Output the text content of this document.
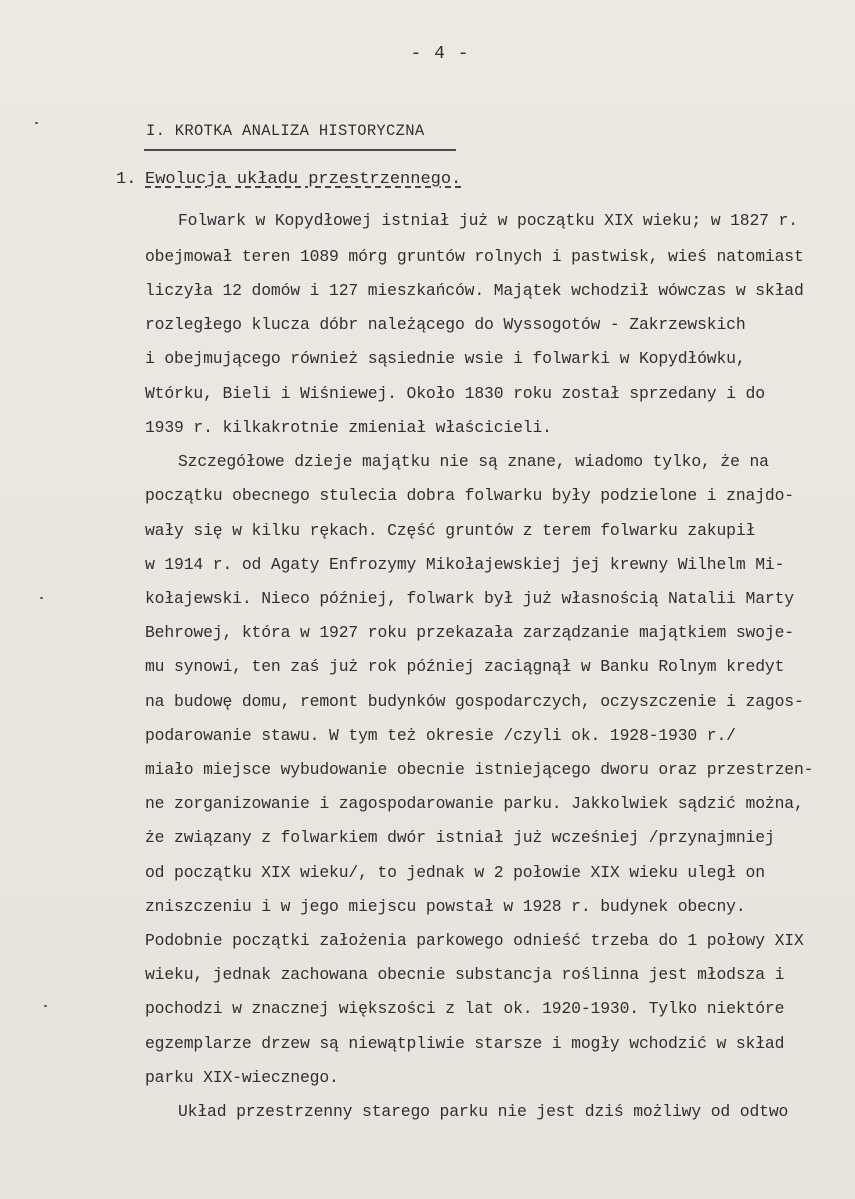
- 4 -
I. KROTKA ANALIZA HISTORYCZNA
1. Ewolucja układu przestrzennego.
Folwark w Kopydłowej istniał już w początku XIX wieku; w 1827 r.
obejmował teren 1089 mórg gruntów rolnych i pastwisk, wieś natomiast
liczyła 12 domów i 127 mieszkańców. Majątek wchodził wówczas w skład
rozległego klucza dóbr należącego do Wyssogotów - Zakrzewskich
i obejmującego również sąsiednie wsie i folwarki w Kopydłówku,
Wtórku, Bieli i Wiśniewej. Około 1830 roku został sprzedany i do
1939 r. kilkakrotnie zmieniał właścicieli.
Szczegółowe dzieje majątku nie są znane, wiadomo tylko, że na
początku obecnego stulecia dobra folwarku były podzielone i znajdo-
wały się w kilku rękach. Część gruntów z terem folwarku zakupił
w 1914 r. od Agaty Enfrozymy Mikołajewskiej jej krewny Wilhelm Mi-
kołajewski. Nieco później, folwark był już własnością Natalii Marty
Behrowej, która w 1927 roku przekazała zarządzanie majątkiem swoje-
mu synowi, ten zaś już rok później zaciągnął w Banku Rolnym kredyt
na budowę domu, remont budynków gospodarczych, oczyszczenie i zagos-
podarowanie stawu. W tym też okresie /czyli ok. 1928-1930 r./
miało miejsce wybudowanie obecnie istniejącego dworu oraz przestrzen-
ne zorganizowanie i zagospodarowanie parku. Jakkolwiek sądzić można,
że związany z folwarkiem dwór istniał już wcześniej /przynajmniej
od początku XIX wieku/, to jednak w 2 połowie XIX wieku uległ on
zniszczeniu i w jego miejscu powstał w 1928 r. budynek obecny.
Podobnie początki założenia parkowego odnieść trzeba do 1 połowy XIX
wieku, jednak zachowana obecnie substancja roślinna jest młodsza i
pochodzi w znacznej większości z lat ok. 1920-1930. Tylko niektóre
egzemplarze drzew są niewątpliwie starsze i mogły wchodzić w skład
parku XIX-wiecznego.
Układ przestrzenny starego parku nie jest dziś możliwy od odtwo
